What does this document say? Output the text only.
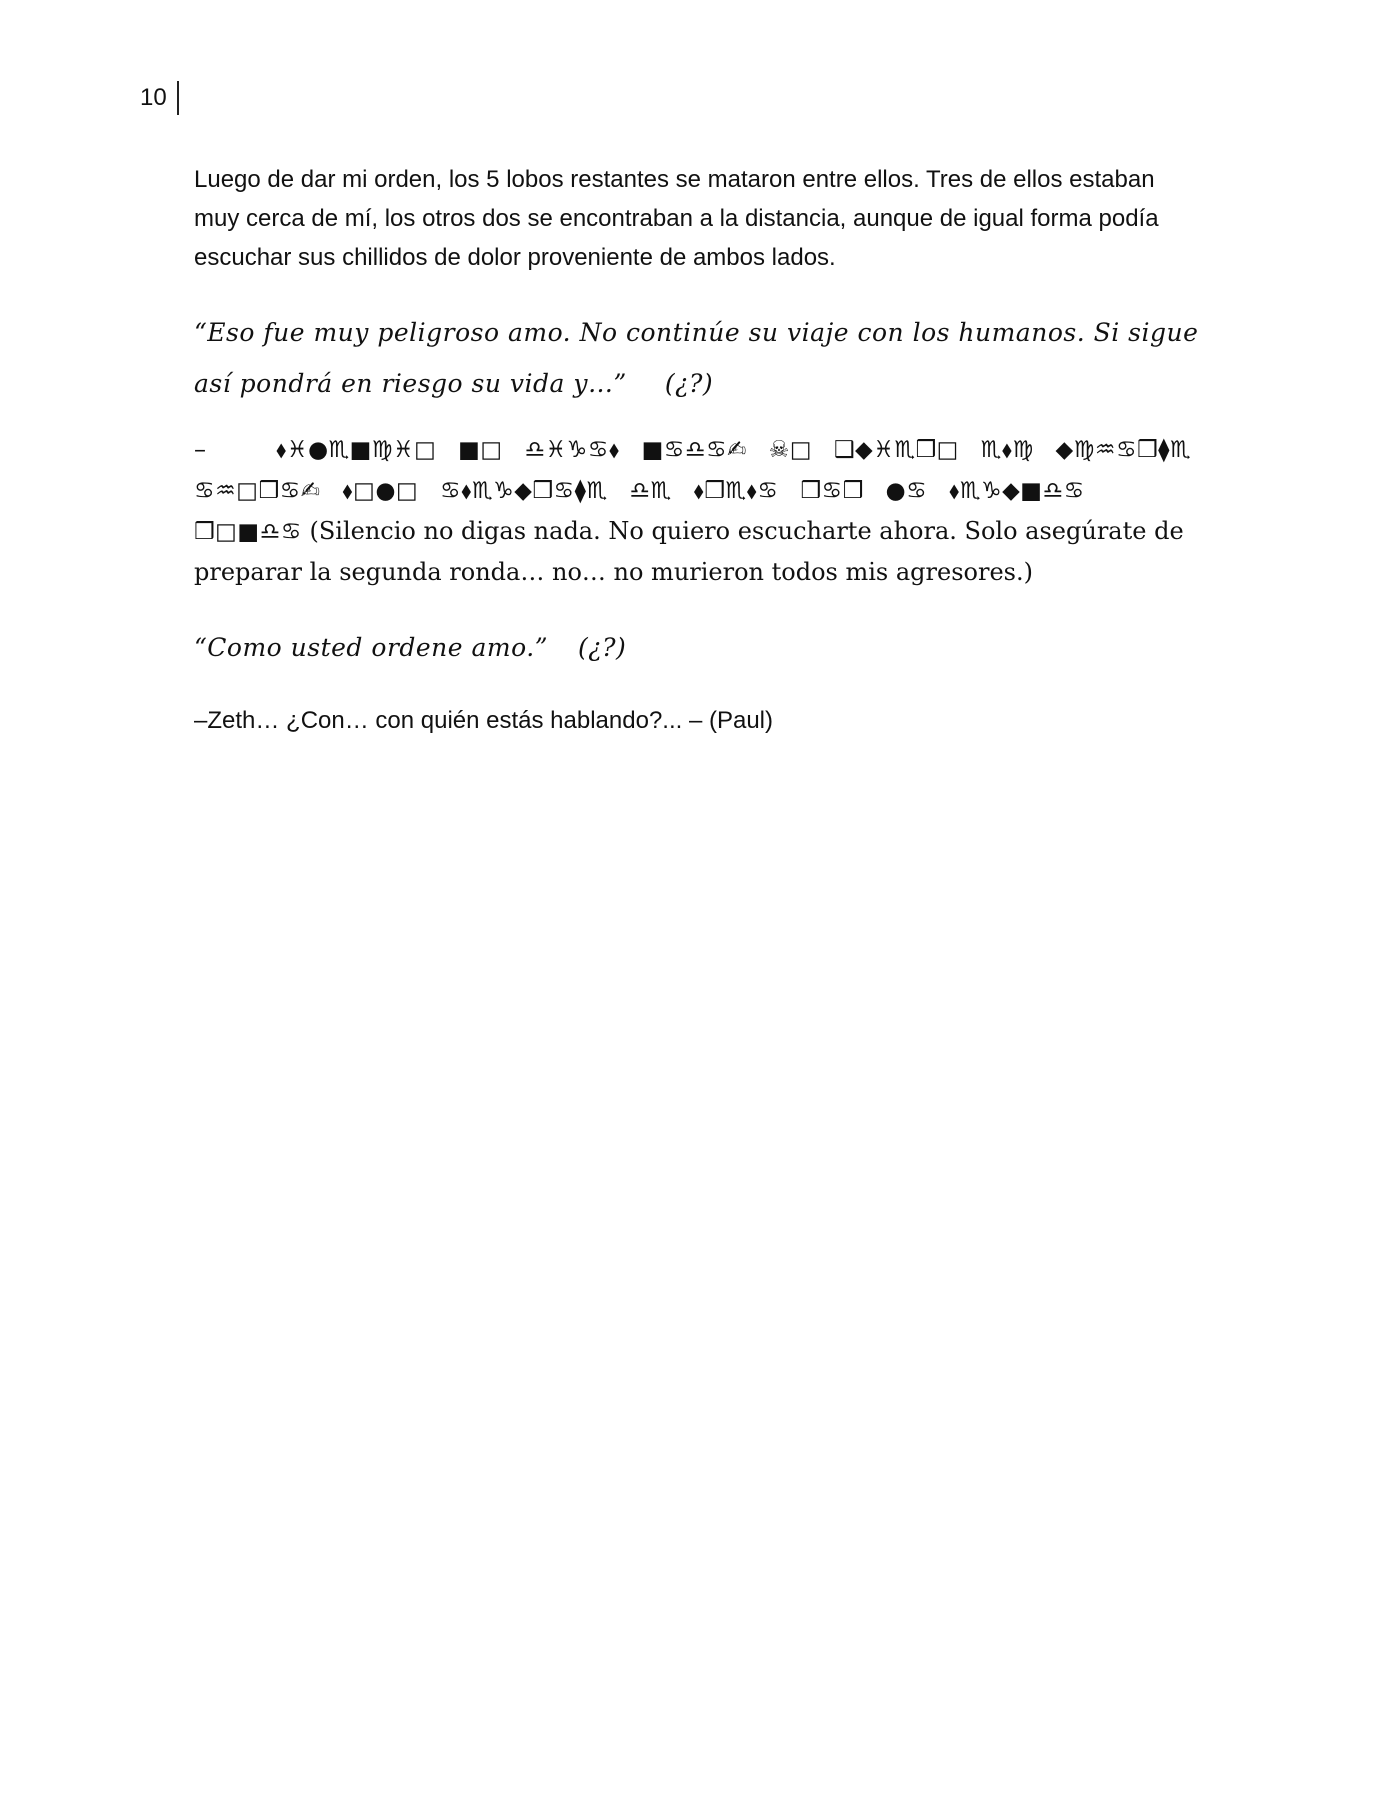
10

Luego de dar mi orden, los 5 lobos restantes se mataron entre ellos. Tres de ellos estaban muy cerca de mí, los otros dos se encontraban a la distancia, aunque de igual forma podía escuchar sus chillidos de dolor proveniente de ambos lados.

“Eso fue muy peligroso amo. No continúe su viaje con los humanos. Si sigue así pondrá en riesgo su vida y…” (¿?)

–	⬧♓●♏■♍♓□ ■□ ♎♓♑♋⬧ ■♋♎♋✍ ☠□ ❑◆♓♏❒□ ♏⬧♍ ◆♍♒♋❒⧫♏ ♋♒□❒♋✍ ⬧□●□ ♋⬧♏♑◆❒♋⧫♏ ♎♏ ⬧❒♏⬧♋ ❒♋❒ ●♋ ⬧♏♑◆■♎♋ ❒□■♎♋ (Silencio no digas nada. No quiero escucharte ahora. Solo asegúrate de preparar la segunda ronda… no… no murieron todos mis agresores.)

“Como usted ordene amo.” (¿?)

–Zeth… ¿Con… con quién estás hablando?... – (Paul)
